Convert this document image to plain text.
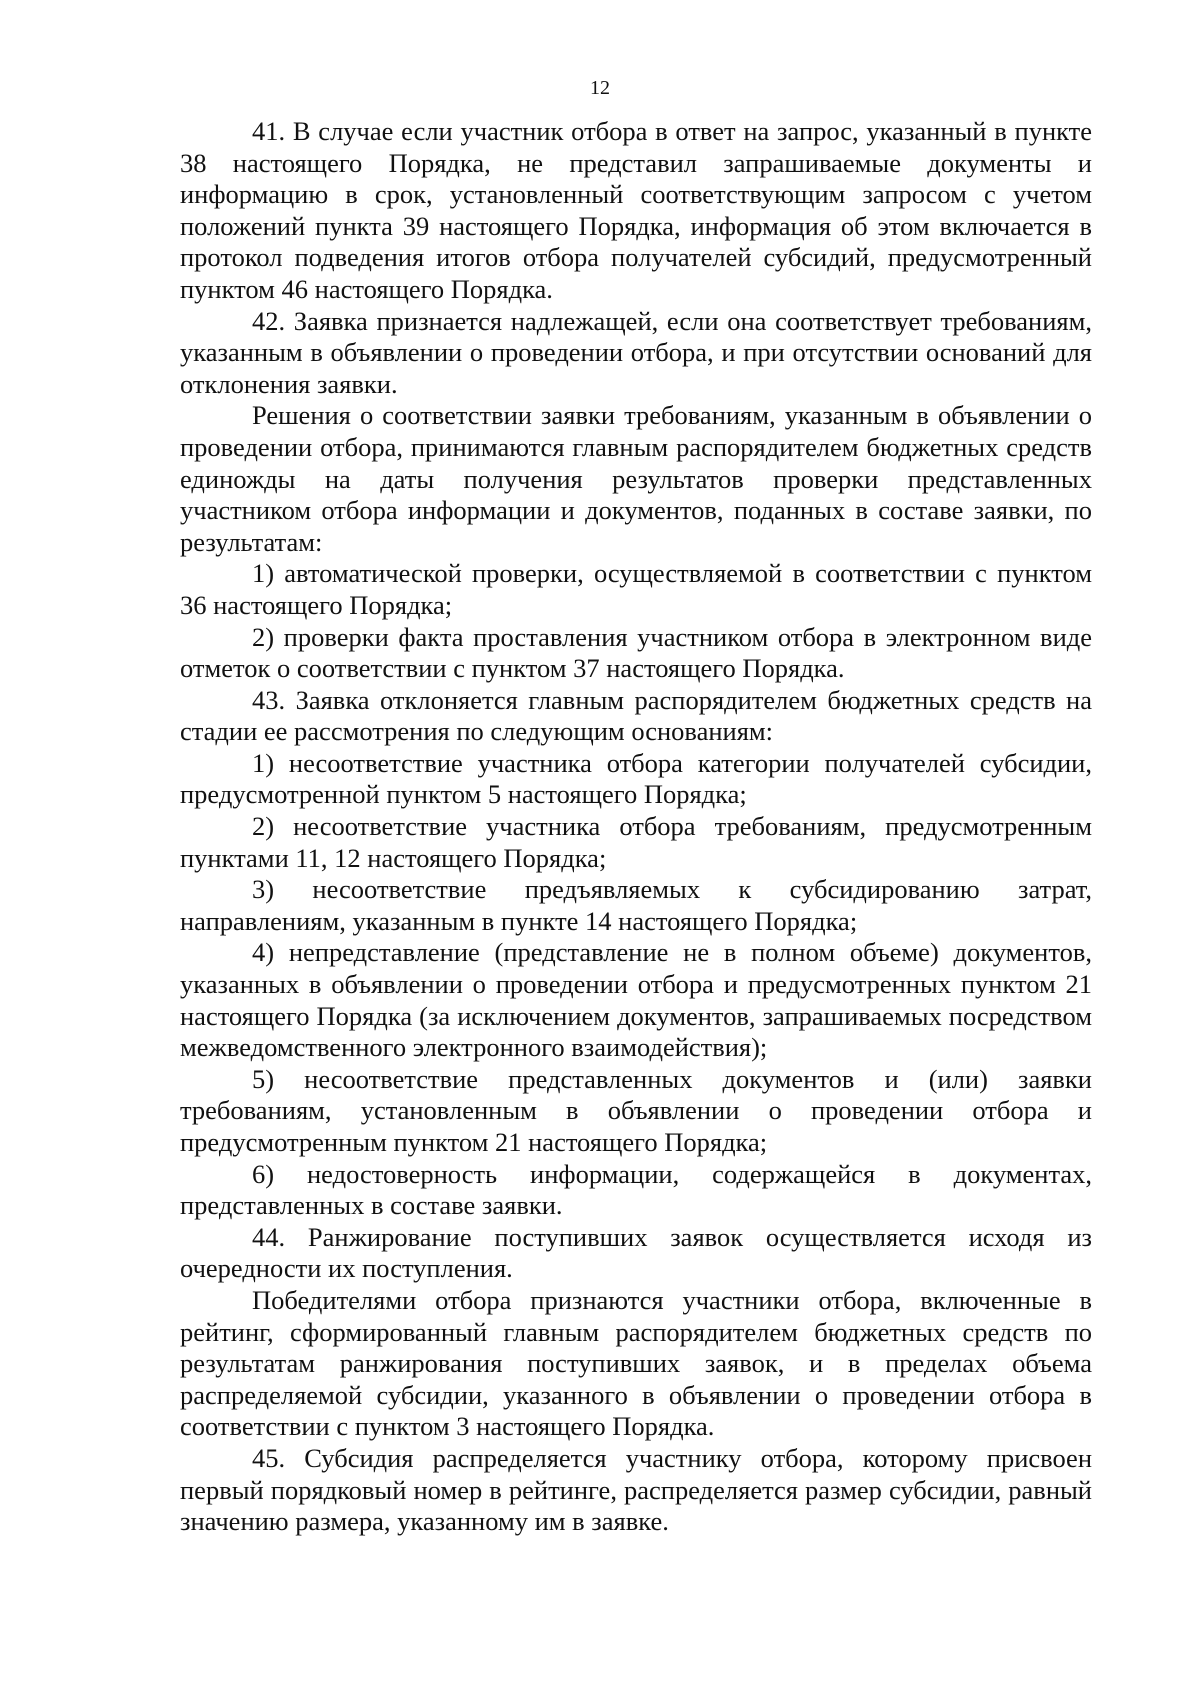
12

41. В случае если участник отбора в ответ на запрос, указанный в пункте 38 настоящего Порядка, не представил запрашиваемые документы и информацию в срок, установленный соответствующим запросом с учетом положений пункта 39 настоящего Порядка, информация об этом включается в протокол подведения итогов отбора получателей субсидий, предусмотренный пунктом 46 настоящего Порядка.

42. Заявка признается надлежащей, если она соответствует требованиям, указанным в объявлении о проведении отбора, и при отсутствии оснований для отклонения заявки.

Решения о соответствии заявки требованиям, указанным в объявлении о проведении отбора, принимаются главным распорядителем бюджетных средств единожды на даты получения результатов проверки представленных участником отбора информации и документов, поданных в составе заявки, по результатам:

1) автоматической проверки, осуществляемой в соответствии с пунктом 36 настоящего Порядка;

2) проверки факта проставления участником отбора в электронном виде отметок о соответствии с пунктом 37 настоящего Порядка.

43. Заявка отклоняется главным распорядителем бюджетных средств на стадии ее рассмотрения по следующим основаниям:

1) несоответствие участника отбора категории получателей субсидии, предусмотренной пунктом 5 настоящего Порядка;

2) несоответствие участника отбора требованиям, предусмотренным пунктами 11, 12 настоящего Порядка;

3) несоответствие предъявляемых к субсидированию затрат, направлениям, указанным в пункте 14 настоящего Порядка;

4) непредставление (представление не в полном объеме) документов, указанных в объявлении о проведении отбора и предусмотренных пунктом 21 настоящего Порядка (за исключением документов, запрашиваемых посредством межведомственного электронного взаимодействия);

5) несоответствие представленных документов и (или) заявки требованиям, установленным в объявлении о проведении отбора и предусмотренным пунктом 21 настоящего Порядка;

6) недостоверность информации, содержащейся в документах, представленных в составе заявки.

44. Ранжирование поступивших заявок осуществляется исходя из очередности их поступления.

Победителями отбора признаются участники отбора, включенные в рейтинг, сформированный главным распорядителем бюджетных средств по результатам ранжирования поступивших заявок, и в пределах объема распределяемой субсидии, указанного в объявлении о проведении отбора в соответствии с пунктом 3 настоящего Порядка.

45. Субсидия распределяется участнику отбора, которому присвоен первый порядковый номер в рейтинге, распределяется размер субсидии, равный значению размера, указанному им в заявке.
